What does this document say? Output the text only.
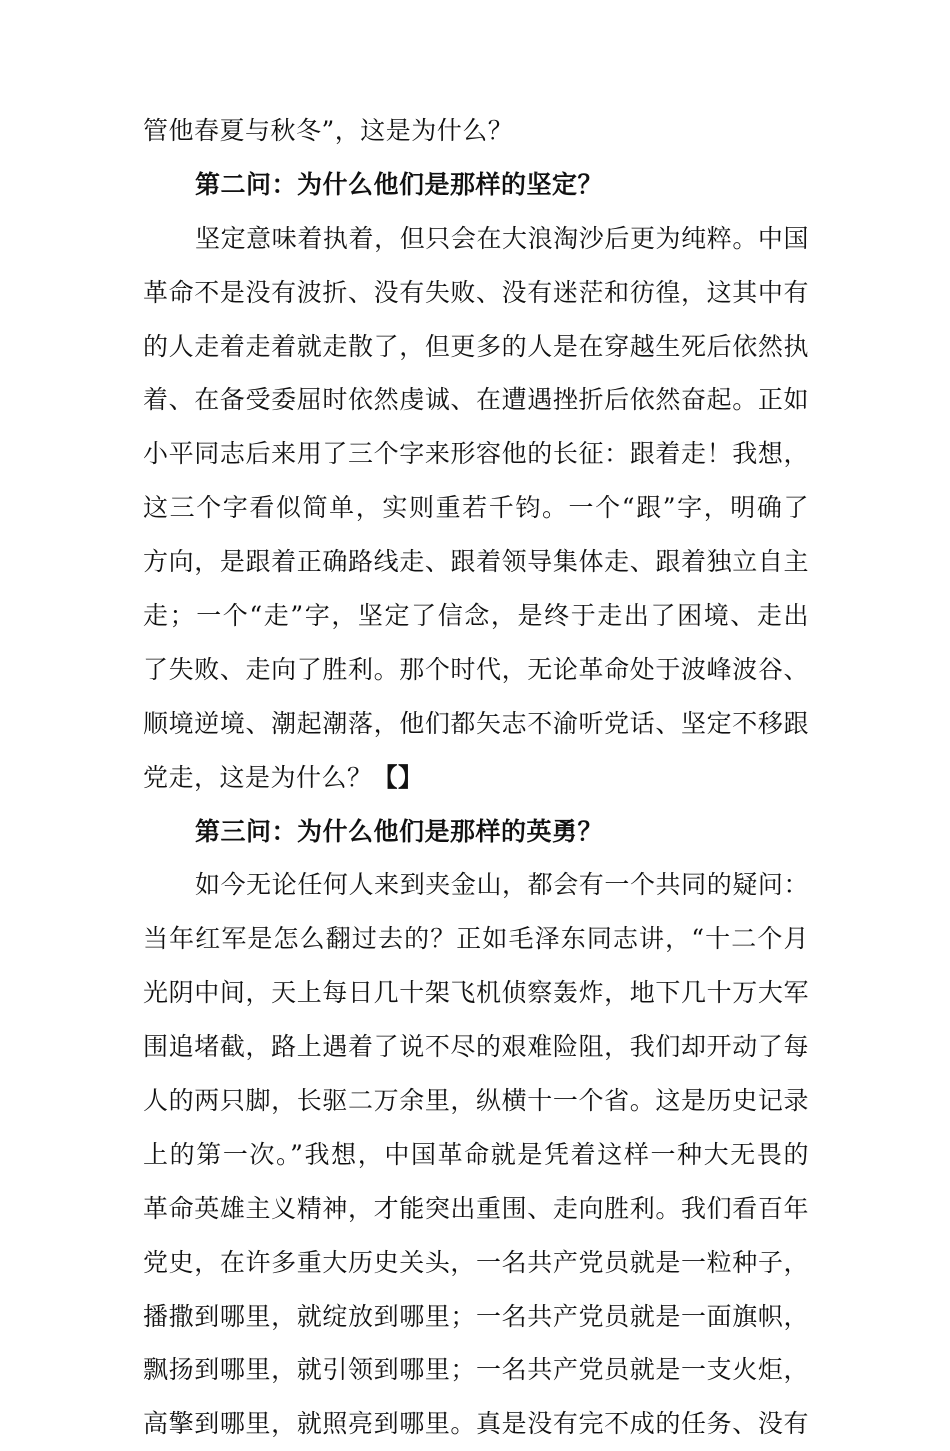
管他春夏与秋冬”，这是为什么？
第二问：为什么他们是那样的坚定？
坚定意味着执着，但只会在大浪淘沙后更为纯粹。中国
革命不是没有波折、没有失败、没有迷茫和彷徨，这其中有
的人走着走着就走散了，但更多的人是在穿越生死后依然执
着、在备受委屈时依然虔诚、在遭遇挫折后依然奋起。正如
小平同志后来用了三个字来形容他的长征：跟着走！我想，
这三个字看似简单，实则重若千钧。一个“跟”字，明确了
方向，是跟着正确路线走、跟着领导集体走、跟着独立自主
走；一个“走”字，坚定了信念，是终于走出了困境、走出
了失败、走向了胜利。那个时代，无论革命处于波峰波谷、
顺境逆境、潮起潮落，他们都矢志不渝听党话、坚定不移跟
党走，这是为什么？【】
第三问：为什么他们是那样的英勇？
如今无论任何人来到夹金山，都会有一个共同的疑问：
当年红军是怎么翻过去的？正如毛泽东同志讲，“十二个月
光阴中间，天上每日几十架飞机侦察轰炸，地下几十万大军
围追堵截，路上遇着了说不尽的艰难险阻，我们却开动了每
人的两只脚，长驱二万余里，纵横十一个省。这是历史记录
上的第一次。”我想，中国革命就是凭着这样一种大无畏的
革命英雄主义精神，才能突出重围、走向胜利。我们看百年
党史，在许多重大历史关头，一名共产党员就是一粒种子，
播撒到哪里，就绽放到哪里；一名共产党员就是一面旗帜，
飘扬到哪里，就引领到哪里；一名共产党员就是一支火炬，
高擎到哪里，就照亮到哪里。真是没有完不成的任务、没有
